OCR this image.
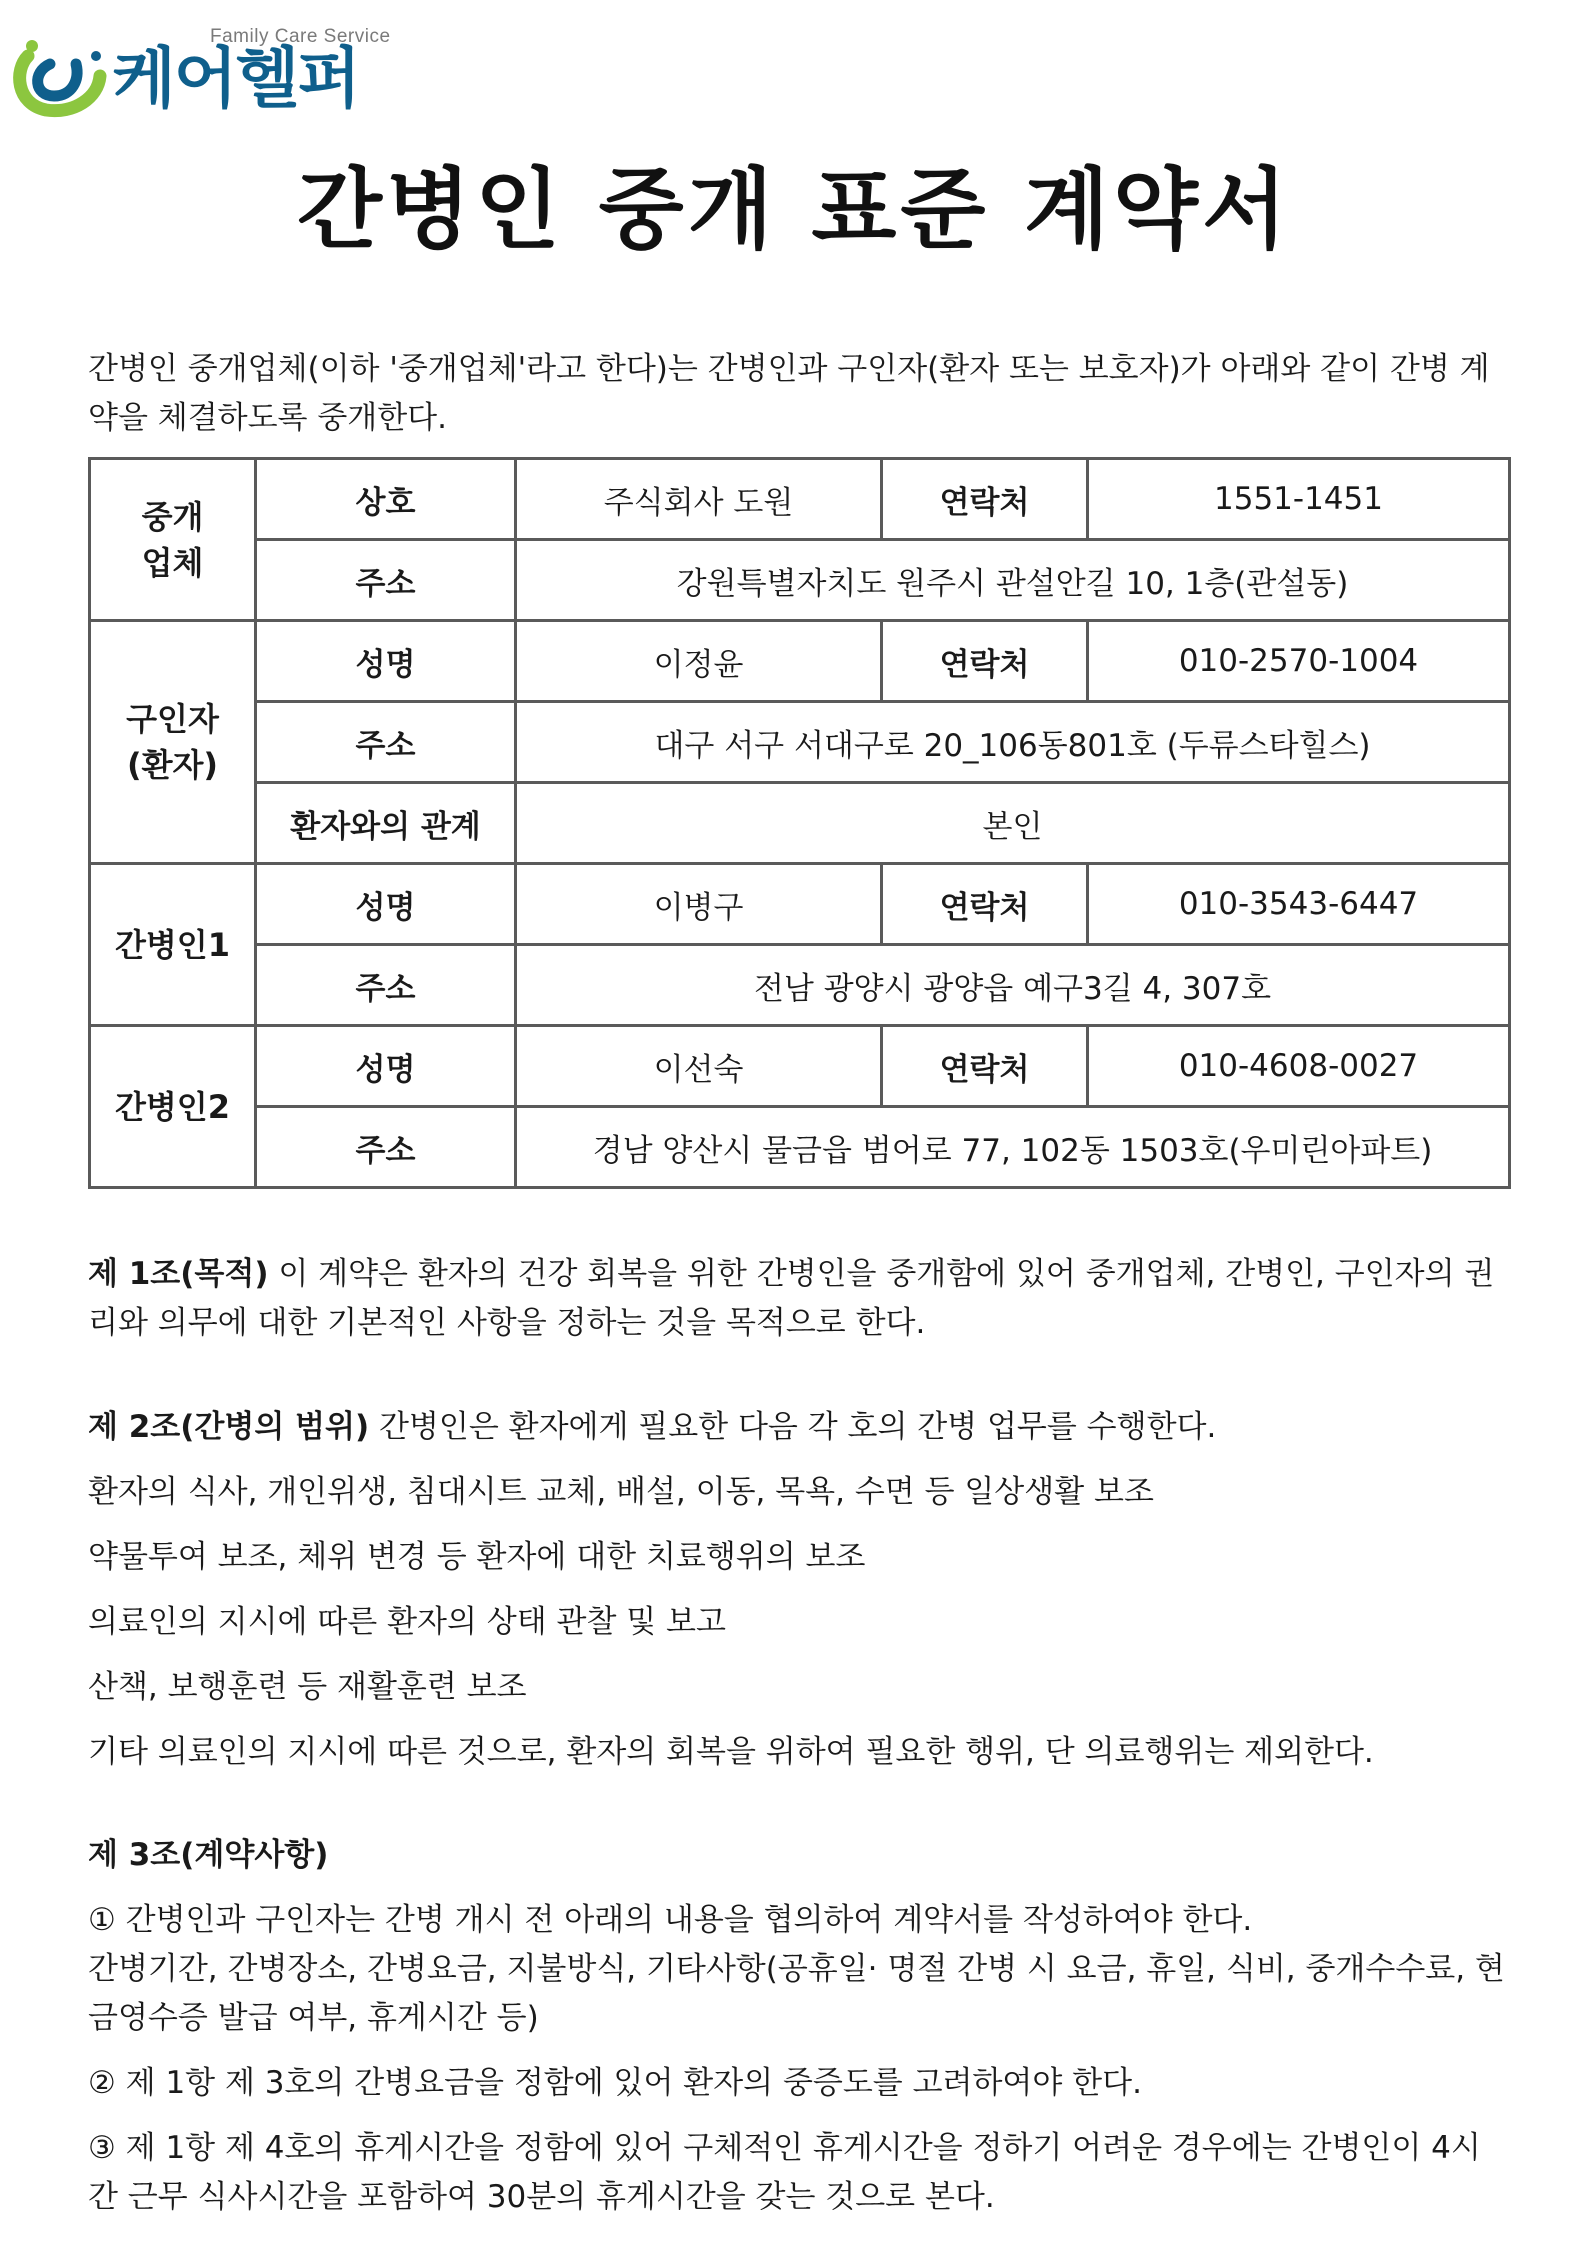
Family Care Service
케어헬퍼
간병인 중개 표준 계약서
간병인 중개업체(이하 '중개업체'라고 한다)는 간병인과 구인자(환자 또는 보호자)가 아래와 같이 간병 계약을 체결하도록 중개한다.
중개
업체	상호	주식회사 도원	연락처	1551-1451
	주소	강원특별자치도 원주시 관설안길 10, 1층(관설동)		
구인자
(환자)	성명	이정윤	연락처	010-2570-1004
	주소	대구 서구 서대구로 20_106동801호 (두류스타힐스)		
	환자와의 관계	본인		
간병인1	성명	이병구	연락처	010-3543-6447
	주소	전남 광양시 광양읍 예구3길 4, 307호		
간병인2	성명	이선숙	연락처	010-4608-0027
	주소	경남 양산시 물금읍 범어로 77, 102동 1503호(우미린아파트)		
제 1조(목적) 이 계약은 환자의 건강 회복을 위한 간병인을 중개함에 있어 중개업체, 간병인, 구인자의 권리와 의무에 대한 기본적인 사항을 정하는 것을 목적으로 한다.
제 2조(간병의 범위) 간병인은 환자에게 필요한 다음 각 호의 간병 업무를 수행한다.
환자의 식사, 개인위생, 침대시트 교체, 배설, 이동, 목욕, 수면 등 일상생활 보조
약물투여 보조, 체위 변경 등 환자에 대한 치료행위의 보조
의료인의 지시에 따른 환자의 상태 관찰 및 보고
산책, 보행훈련 등 재활훈련 보조
기타 의료인의 지시에 따른 것으로, 환자의 회복을 위하여 필요한 행위, 단 의료행위는 제외한다.
제 3조(계약사항)
① 간병인과 구인자는 간병 개시 전 아래의 내용을 협의하여 계약서를 작성하여야 한다.
간병기간, 간병장소, 간병요금, 지불방식, 기타사항(공휴일· 명절 간병 시 요금, 휴일, 식비, 중개수수료, 현금영수증 발급 여부, 휴게시간 등)
② 제 1항 제 3호의 간병요금을 정함에 있어 환자의 중증도를 고려하여야 한다.
③ 제 1항 제 4호의 휴게시간을 정함에 있어 구체적인 휴게시간을 정하기 어려운 경우에는 간병인이 4시간 근무 식사시간을 포함하여 30분의 휴게시간을 갖는 것으로 본다.
